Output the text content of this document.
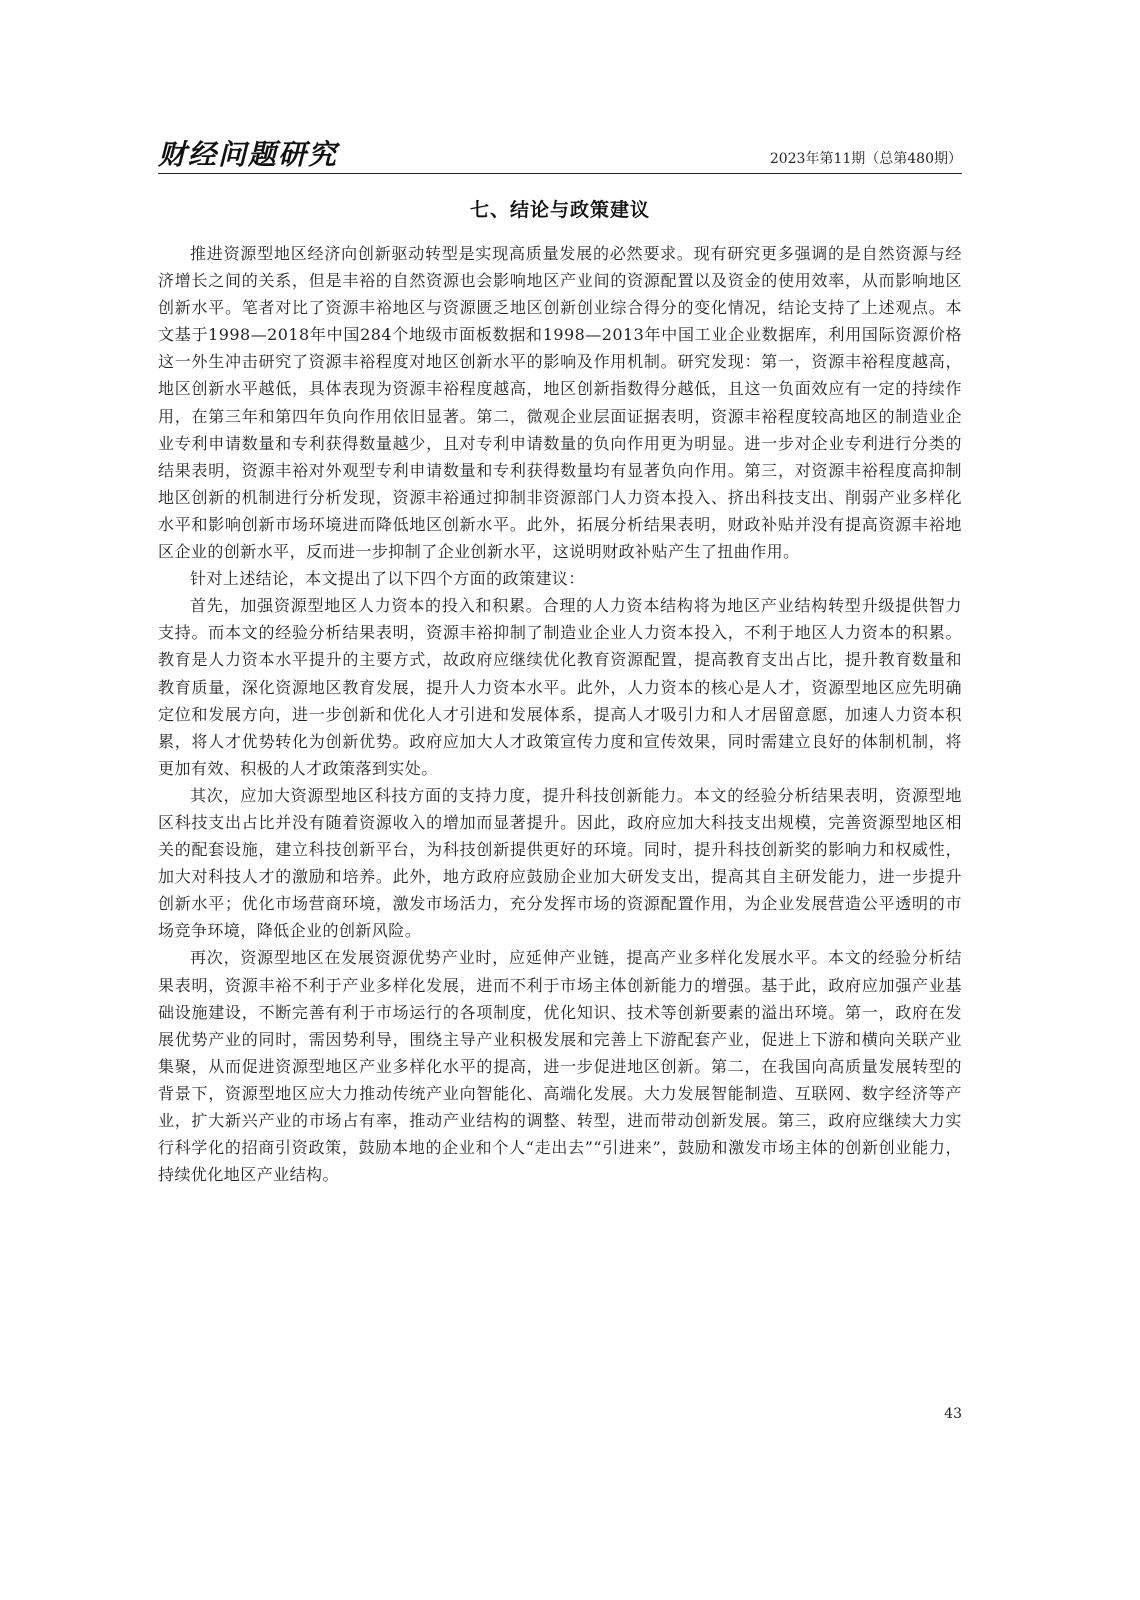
财经问题研究	2023年第11期（总第480期）
七、结论与政策建议

推进资源型地区经济向创新驱动转型是实现高质量发展的必然要求。现有研究更多强调的是自然资源与经济增长之间的关系，但是丰裕的自然资源也会影响地区产业间的资源配置以及资金的使用效率，从而影响地区创新水平。笔者对比了资源丰裕地区与资源匮乏地区创新创业综合得分的变化情况，结论支持了上述观点。本文基于1998—2018年中国284个地级市面板数据和1998—2013年中国工业企业数据库，利用国际资源价格这一外生冲击研究了资源丰裕程度对地区创新水平的影响及作用机制。研究发现：第一，资源丰裕程度越高，地区创新水平越低，具体表现为资源丰裕程度越高，地区创新指数得分越低，且这一负面效应有一定的持续作用，在第三年和第四年负向作用依旧显著。第二，微观企业层面证据表明，资源丰裕程度较高地区的制造业企业专利申请数量和专利获得数量越少，且对专利申请数量的负向作用更为明显。进一步对企业专利进行分类的结果表明，资源丰裕对外观型专利申请数量和专利获得数量均有显著负向作用。第三，对资源丰裕程度高抑制地区创新的机制进行分析发现，资源丰裕通过抑制非资源部门人力资本投入、挤出科技支出、削弱产业多样化水平和影响创新市场环境进而降低地区创新水平。此外，拓展分析结果表明，财政补贴并没有提高资源丰裕地区企业的创新水平，反而进一步抑制了企业创新水平，这说明财政补贴产生了扭曲作用。

针对上述结论，本文提出了以下四个方面的政策建议：

首先，加强资源型地区人力资本的投入和积累。合理的人力资本结构将为地区产业结构转型升级提供智力支持。而本文的经验分析结果表明，资源丰裕抑制了制造业企业人力资本投入，不利于地区人力资本的积累。教育是人力资本水平提升的主要方式，故政府应继续优化教育资源配置，提高教育支出占比，提升教育数量和教育质量，深化资源地区教育发展，提升人力资本水平。此外，人力资本的核心是人才，资源型地区应先明确定位和发展方向，进一步创新和优化人才引进和发展体系，提高人才吸引力和人才居留意愿，加速人力资本积累，将人才优势转化为创新优势。政府应加大人才政策宣传力度和宣传效果，同时需建立良好的体制机制，将更加有效、积极的人才政策落到实处。

其次，应加大资源型地区科技方面的支持力度，提升科技创新能力。本文的经验分析结果表明，资源型地区科技支出占比并没有随着资源收入的增加而显著提升。因此，政府应加大科技支出规模，完善资源型地区相关的配套设施，建立科技创新平台，为科技创新提供更好的环境。同时，提升科技创新奖的影响力和权威性，加大对科技人才的激励和培养。此外，地方政府应鼓励企业加大研发支出，提高其自主研发能力，进一步提升创新水平；优化市场营商环境，激发市场活力，充分发挥市场的资源配置作用，为企业发展营造公平透明的市场竞争环境，降低企业的创新风险。

再次，资源型地区在发展资源优势产业时，应延伸产业链，提高产业多样化发展水平。本文的经验分析结果表明，资源丰裕不利于产业多样化发展，进而不利于市场主体创新能力的增强。基于此，政府应加强产业基础设施建设，不断完善有利于市场运行的各项制度，优化知识、技术等创新要素的溢出环境。第一，政府在发展优势产业的同时，需因势利导，围绕主导产业积极发展和完善上下游配套产业，促进上下游和横向关联产业集聚，从而促进资源型地区产业多样化水平的提高，进一步促进地区创新。第二，在我国向高质量发展转型的背景下，资源型地区应大力推动传统产业向智能化、高端化发展。大力发展智能制造、互联网、数字经济等产业，扩大新兴产业的市场占有率，推动产业结构的调整、转型，进而带动创新发展。第三，政府应继续大力实行科学化的招商引资政策，鼓励本地的企业和个人“走出去”“引进来”，鼓励和激发市场主体的创新创业能力，持续优化地区产业结构。

43
